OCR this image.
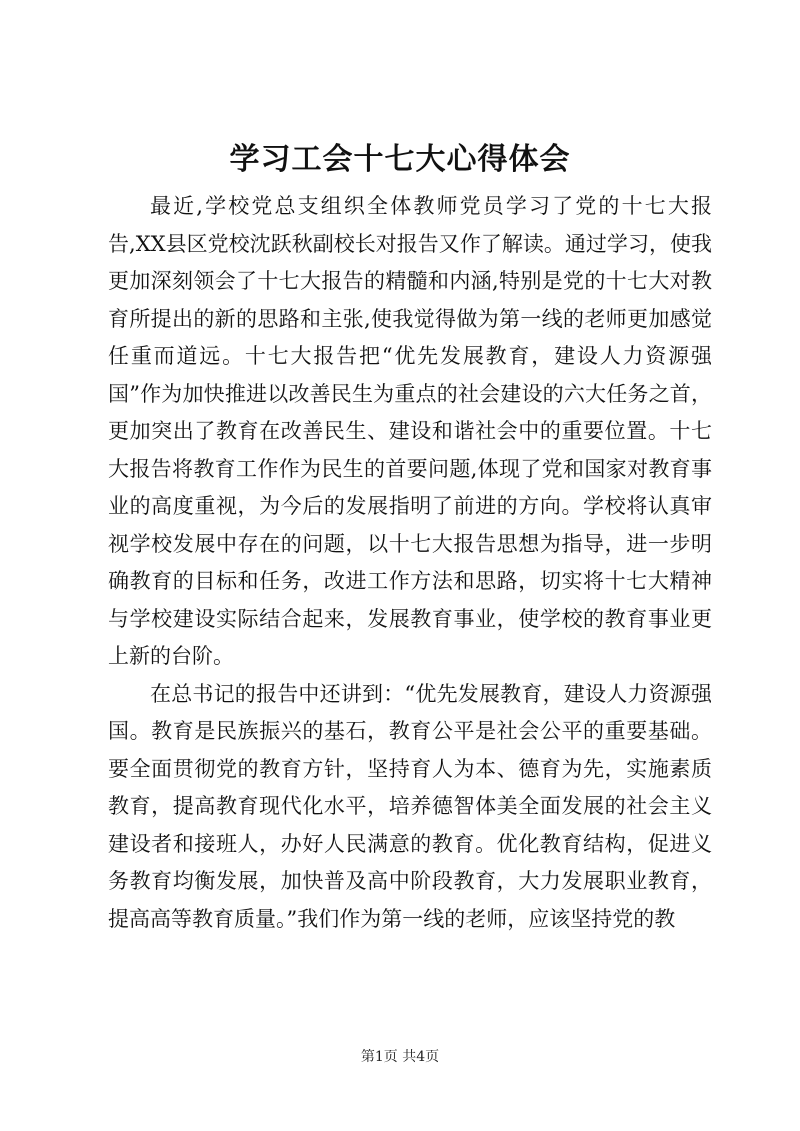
学习工会十七大心得体会

最近,学校党总支组织全体教师党员学习了党的十七大报告,XX县区党校沈跃秋副校长对报告又作了解读。通过学习，使我更加深刻领会了十七大报告的精髓和内涵,特别是党的十七大对教育所提出的新的思路和主张,使我觉得做为第一线的老师更加感觉任重而道远。十七大报告把“优先发展教育，建设人力资源强国”作为加快推进以改善民生为重点的社会建设的六大任务之首，更加突出了教育在改善民生、建设和谐社会中的重要位置。十七大报告将教育工作作为民生的首要问题,体现了党和国家对教育事业的高度重视，为今后的发展指明了前进的方向。学校将认真审视学校发展中存在的问题，以十七大报告思想为指导，进一步明确教育的目标和任务，改进工作方法和思路，切实将十七大精神与学校建设实际结合起来，发展教育事业，使学校的教育事业更上新的台阶。

在总书记的报告中还讲到：“优先发展教育，建设人力资源强国。教育是民族振兴的基石，教育公平是社会公平的重要基础。要全面贯彻党的教育方针，坚持育人为本、德育为先，实施素质教育，提高教育现代化水平，培养德智体美全面发展的社会主义建设者和接班人，办好人民满意的教育。优化教育结构，促进义务教育均衡发展，加快普及高中阶段教育，大力发展职业教育，提高高等教育质量。”我们作为第一线的老师，应该坚持党的教

第1页 共4页
